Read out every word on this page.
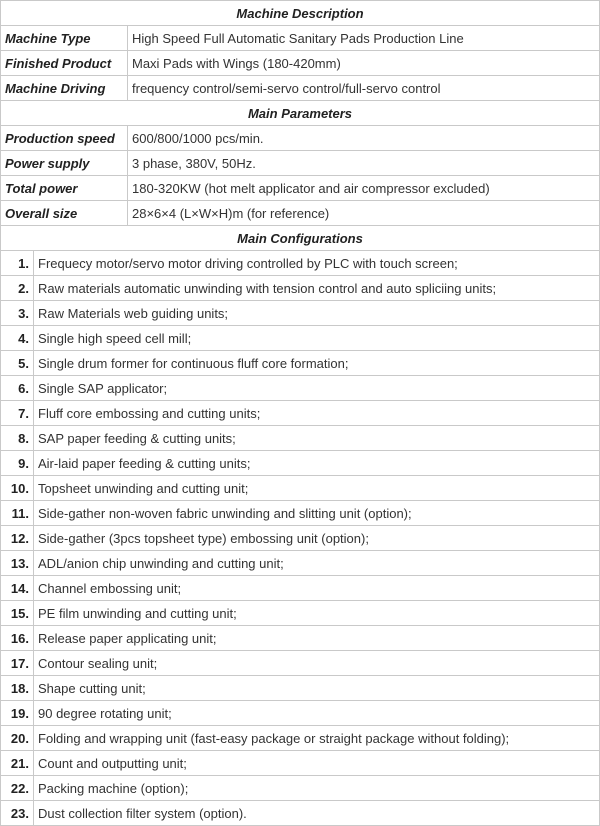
Machine Description		
Machine Type		High Speed Full Automatic Sanitary Pads Production Line
Finished Product		Maxi Pads with Wings (180-420mm)
Machine Driving		frequency control/semi-servo control/full-servo control
Main Parameters		
Production speed		600/800/1000 pcs/min.
Power supply		3 phase, 380V, 50Hz.
Total power		180-320KW (hot melt applicator and air compressor excluded)
Overall size		28×6×4 (L×W×H)m (for reference)
Main Configurations		
1.	Frequecy motor/servo motor driving controlled by PLC with touch screen;	
2.	Raw materials automatic unwinding with tension control and auto spliciing units;	
3.	Raw Materials web guiding units;	
4.	Single high speed cell mill;	
5.	Single drum former for continuous fluff core formation;	
6.	Single SAP applicator;	
7.	Fluff core embossing and cutting units;	
8.	SAP paper feeding & cutting units;	
9.	Air-laid paper feeding & cutting units;	
10.	Topsheet unwinding and cutting unit;	
11.	Side-gather non-woven fabric unwinding and slitting unit (option);	
12.	Side-gather (3pcs topsheet type) embossing unit (option);	
13.	ADL/anion chip unwinding and cutting unit;	
14.	Channel embossing unit;	
15.	PE film unwinding and cutting unit;	
16.	Release paper applicating unit;	
17.	Contour sealing unit;	
18.	Shape cutting unit;	
19.	90 degree rotating unit;	
20.	Folding and wrapping unit (fast-easy package or straight package without folding);	
21.	Count and outputting unit;	
22.	Packing machine (option);	
23.	Dust collection filter system (option).	
